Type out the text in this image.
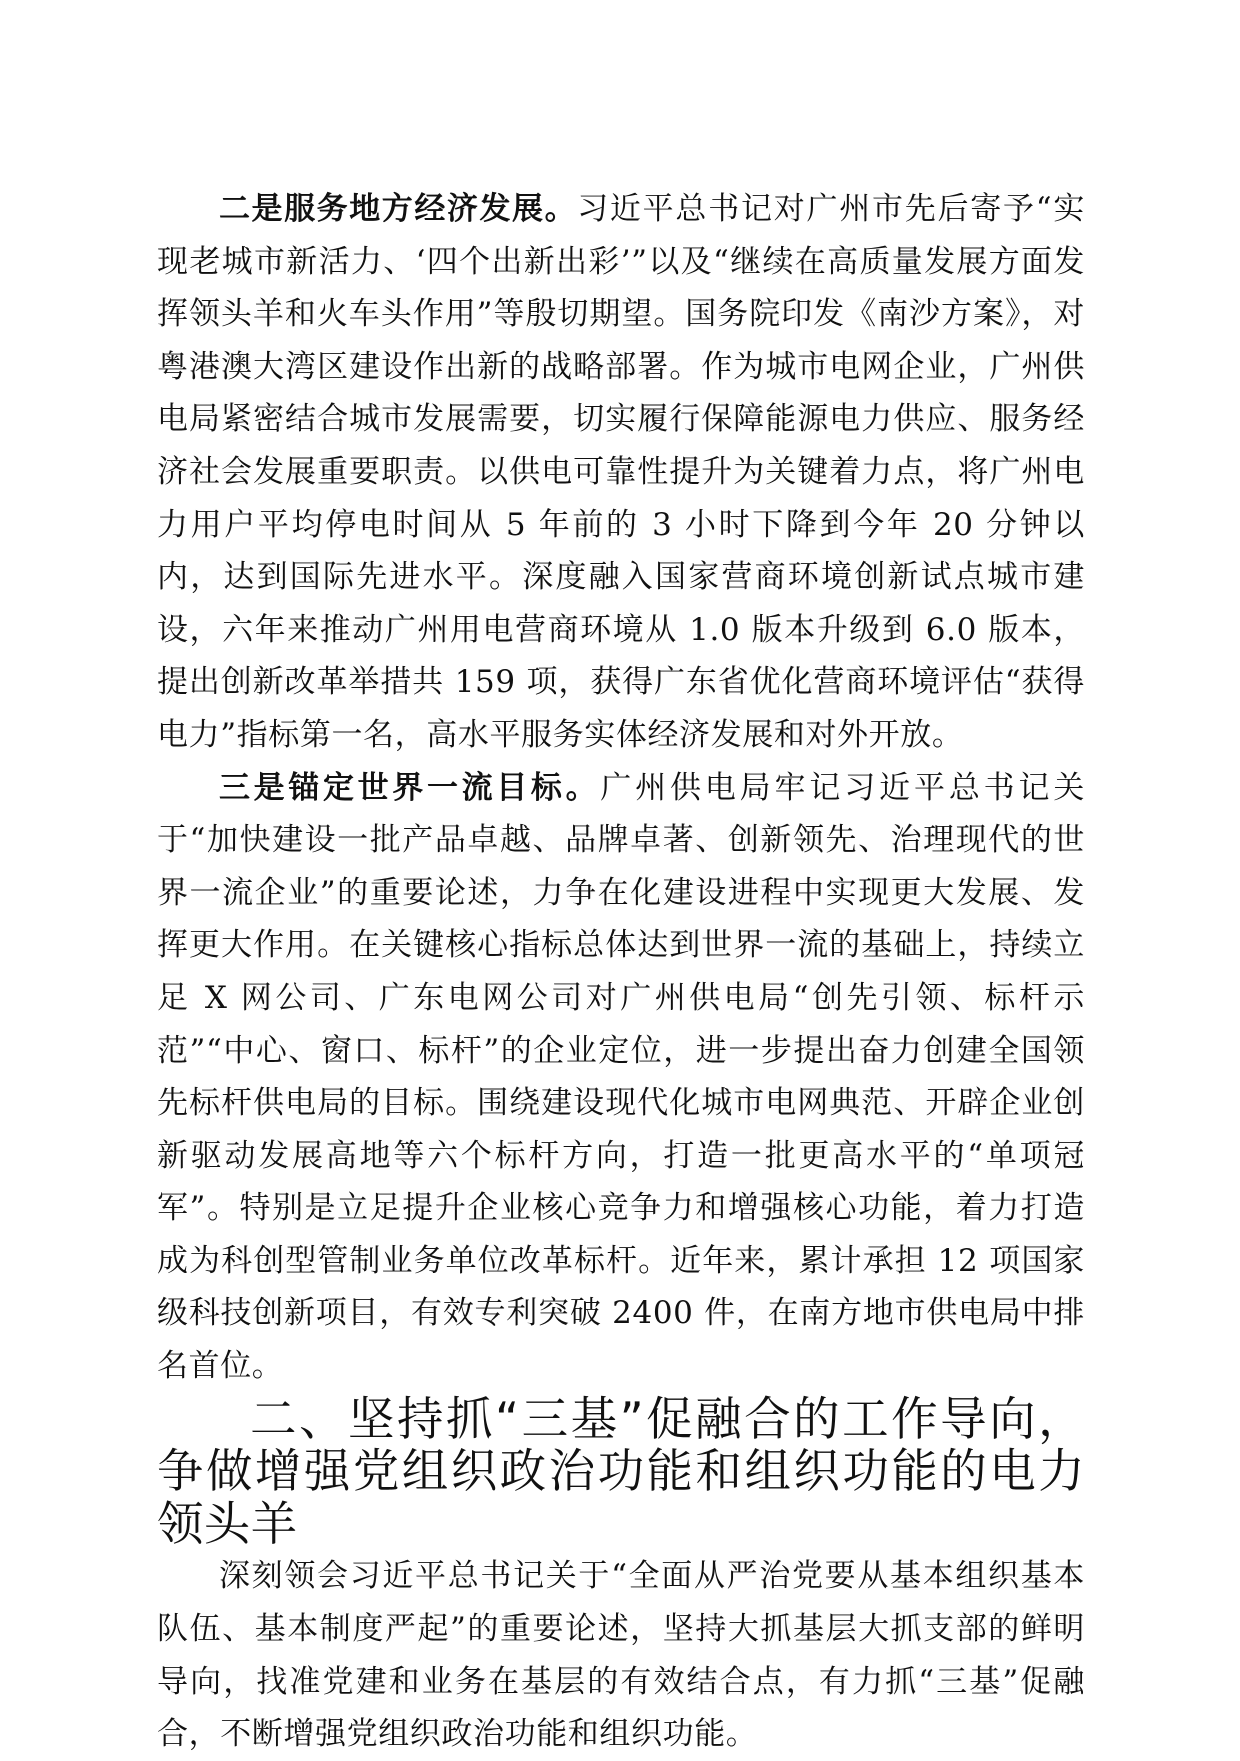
二是服务地方经济发展。习近平总书记对广州市先后寄予“实现老城市新活力、‘四个出新出彩’”以及“继续在高质量发展方面发挥领头羊和火车头作用”等殷切期望。国务院印发《南沙方案》，对粤港澳大湾区建设作出新的战略部署。作为城市电网企业，广州供电局紧密结合城市发展需要，切实履行保障能源电力供应、服务经济社会发展重要职责。以供电可靠性提升为关键着力点，将广州电力用户平均停电时间从 5 年前的 3 小时下降到今年 20 分钟以内，达到国际先进水平。深度融入国家营商环境创新试点城市建设，六年来推动广州用电营商环境从 1.0 版本升级到 6.0 版本，提出创新改革举措共 159 项，获得广东省优化营商环境评估“获得电力”指标第一名，高水平服务实体经济发展和对外开放。

三是锚定世界一流目标。广州供电局牢记习近平总书记关于“加快建设一批产品卓越、品牌卓著、创新领先、治理现代的世界一流企业”的重要论述，力争在化建设进程中实现更大发展、发挥更大作用。在关键核心指标总体达到世界一流的基础上，持续立足 X 网公司、广东电网公司对广州供电局“创先引领、标杆示范”“中心、窗口、标杆”的企业定位，进一步提出奋力创建全国领先标杆供电局的目标。围绕建设现代化城市电网典范、开辟企业创新驱动发展高地等六个标杆方向，打造一批更高水平的“单项冠军”。特别是立足提升企业核心竞争力和增强核心功能，着力打造成为科创型管制业务单位改革标杆。近年来，累计承担 12 项国家级科技创新项目，有效专利突破 2400 件，在南方地市供电局中排名首位。

二、坚持抓“三基”促融合的工作导向，争做增强党组织政治功能和组织功能的电力领头羊

深刻领会习近平总书记关于“全面从严治党要从基本组织基本队伍、基本制度严起”的重要论述，坚持大抓基层大抓支部的鲜明导向，找准党建和业务在基层的有效结合点，有力抓“三基”促融合，不断增强党组织政治功能和组织功能。
